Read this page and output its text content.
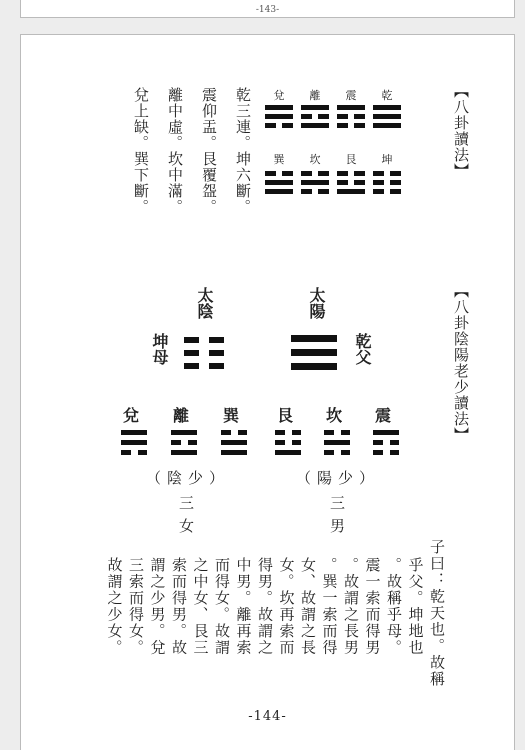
-143-
【八卦讀法】
乾
震
離
兌
坤
艮
坎
巽
乾三連。坤六斷。
震仰盂。艮覆盌。
離中虛。坎中滿。
兌上缺。巽下斷。
【八卦陰陽老少讀法】
太陽
太陰
乾父
坤母
震
坎
艮
巽
離
兌
（陽少）
（陰少）
三男
三女
子曰：乾天也。故稱
乎父。坤地也
。故稱乎母。
震一索而得男
。故謂之長男
。巽一索而得
女、故謂之長
女。坎再索而
得男。故謂之
中男。離再索
而得女。故謂
之中女、艮三
索而得男。故
謂之少男。兌
三索而得女。
故謂之少女。
-144-
